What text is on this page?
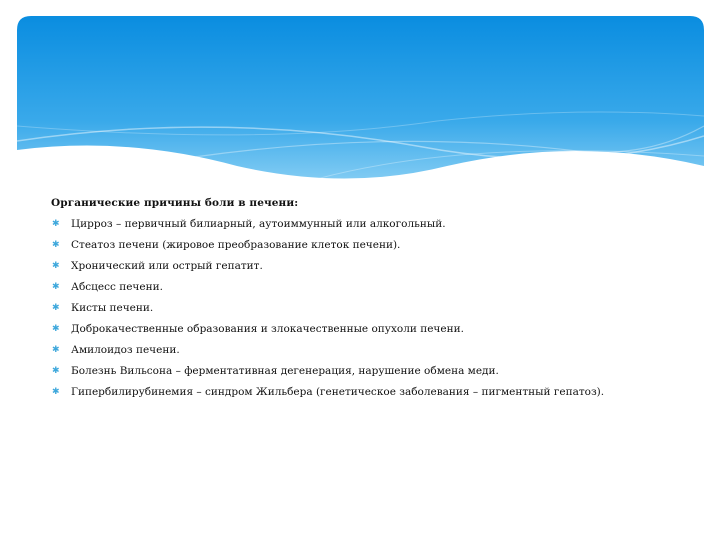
Органические причины боли в печени:
✱ Цирроз – первичный билиарный, аутоиммунный или алкогольный.
✱ Стеатоз печени (жировое преобразование клеток печени).
✱ Хронический или острый гепатит.
✱ Абсцесс печени.
✱ Кисты печени.
✱ Доброкачественные образования и злокачественные опухоли печени.
✱ Амилоидоз печени.
✱ Болезнь Вильсона – ферментативная дегенерация, нарушение обмена меди.
✱ Гипербилирубинемия – синдром Жильбера (генетическое заболевания – пигментный гепатоз).
